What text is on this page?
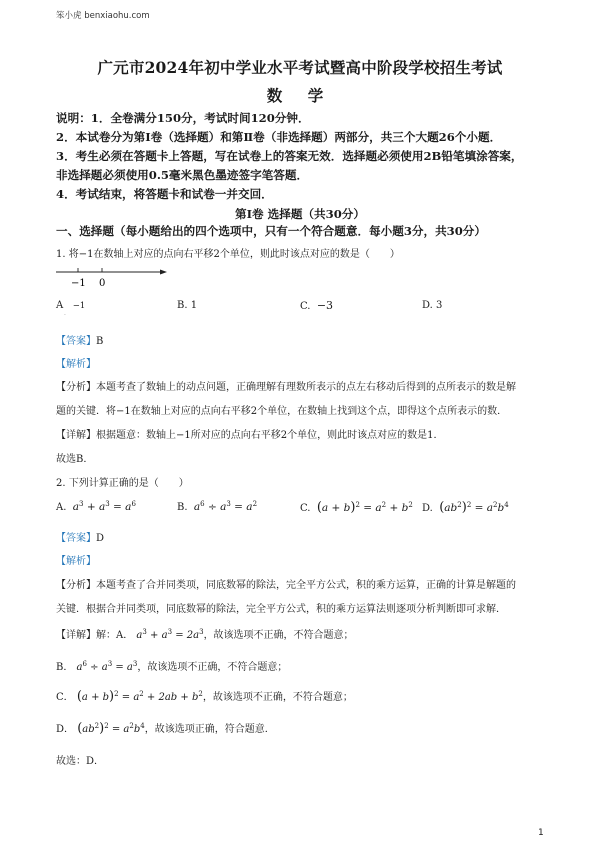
笨小虎 benxiaohu.com
广元市2024年初中学业水平考试暨高中阶段学校招生考试
数 学
说明：1．全卷满分150分，考试时间120分钟．
2．本试卷分为第Ⅰ卷（选择题）和第Ⅱ卷（非选择题）两部分，共三个大题26个小题．
3．考生必须在答题卡上答题，写在试卷上的答案无效．选择题必须使用2B铅笔填涂答案，
非选择题必须使用0.5毫米黑色墨迹签字笔答题．
4．考试结束，将答题卡和试卷一并交回．
第Ⅰ卷 选择题（共30分）
一、选择题（每小题给出的四个选项中，只有一个符合题意．每小题3分，共30分）
1. 将−1在数轴上对应的点向右平移2个单位，则此时该点对应的数是（　　）
−1 0
A −1
·
B. 1	C. −3	D. 3
【答案】B
【解析】
【分析】本题考查了数轴上的动点问题，正确理解有理数所表示的点左右移动后得到的点所表示的数是解
题的关键．将−1在数轴上对应的点向右平移2个单位，在数轴上找到这个点，即得这个点所表示的数．
【详解】根据题意：数轴上−1所对应的点向右平移2个单位，则此时该点对应的数是1．
故选B．
2. 下列计算正确的是（　　）
A. $a^3 + a^3 = a^6$	B. $a^6 \div a^3 = a^2$	C. $(a + b)^2 = a^2 + b^2$ D. $(ab^2)^2 = a^2b^4$
【答案】D
【解析】
【分析】本题考查了合并同类项，同底数幂的除法，完全平方公式，积的乘方运算，正确的计算是解题的
关键．根据合并同类项，同底数幂的除法，完全平方公式，积的乘方运算法则逐项分析判断即可求解．
【详解】解：A． $a^3 + a^3 = 2a^3$，故该选项不正确，不符合题意；
B． $a^6 \div a^3 = a^3$，故该选项不正确，不符合题意；
C． $(a + b)^2 = a^2 + 2ab + b^2$，故该选项不正确，不符合题意；
D． $(ab^2)^2 = a^2b^4$，故该选项正确，符合题意．
故选：D．
1
